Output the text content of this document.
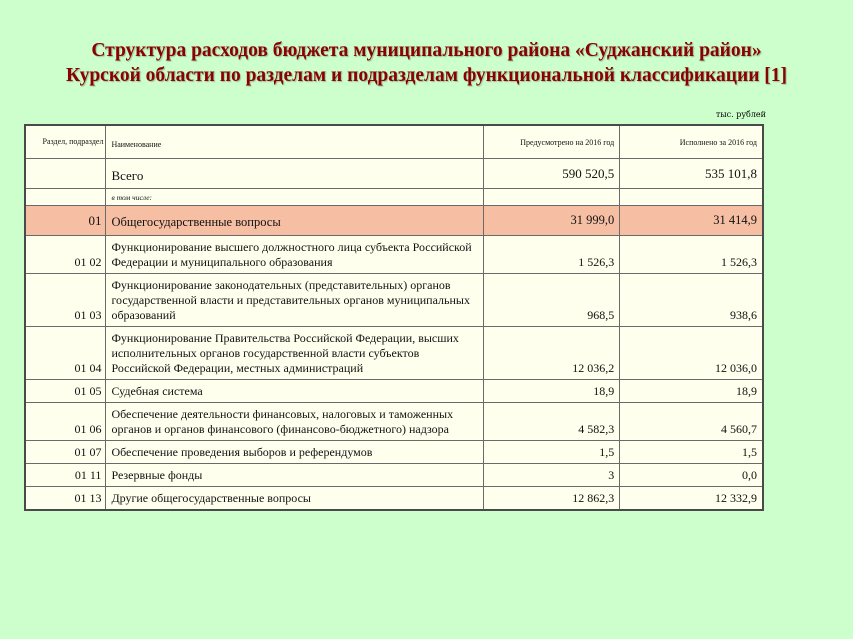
Структура расходов бюджета муниципального района «Суджанский район»
Курской области по разделам и подразделам функциональной классификации [1]
тыс. рублей
Раздел, подраздел	Наименование	Предусмотрено на 2016 год	Исполнено за 2016 год
	Всего	590 520,5	535 101,8
	в том числе:		
01	Общегосударственные вопросы	31 999,0	31 414,9
01 02	Функционирование высшего должностного лица субъекта Российской Федерации и муниципального образования	1 526,3	1 526,3
01 03	Функционирование законодательных (представительных) органов государственной власти и представительных органов муниципальных образований	968,5	938,6
01 04	Функционирование Правительства Российской Федерации, высших исполнительных органов государственной власти субъектов Российской Федерации, местных администраций	12 036,2	12 036,0
01 05	Судебная система	18,9	18,9
01 06	Обеспечение деятельности финансовых, налоговых и таможенных органов и органов финансового (финансово-бюджетного) надзора	4 582,3	4 560,7
01 07	Обеспечение проведения выборов и референдумов	1,5	1,5
01 11	Резервные фонды	3	0,0
01 13	Другие общегосударственные вопросы	12 862,3	12 332,9
